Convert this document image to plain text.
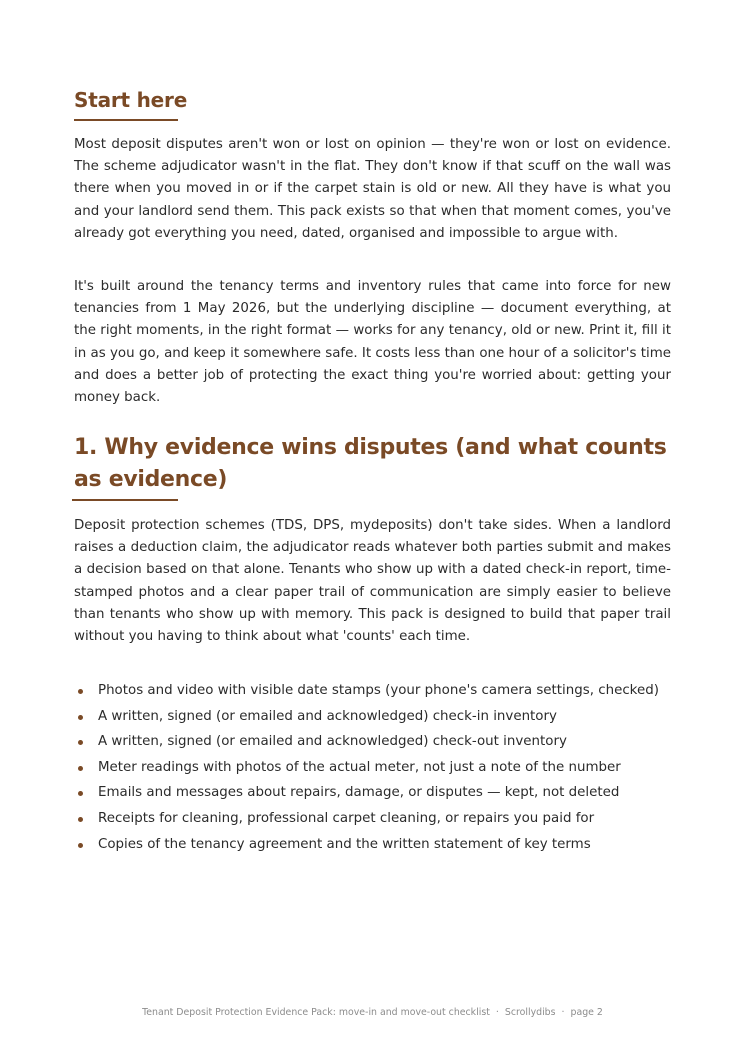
Start here

Most deposit disputes aren't won or lost on opinion — they're won or lost on evidence. The scheme adjudicator wasn't in the flat. They don't know if that scuff on the wall was there when you moved in or if the carpet stain is old or new. All they have is what you and your landlord send them. This pack exists so that when that moment comes, you've already got everything you need, dated, organised and impossible to argue with.

It's built around the tenancy terms and inventory rules that came into force for new tenancies from 1 May 2026, but the underlying discipline — document everything, at the right moments, in the right format — works for any tenancy, old or new. Print it, fill it in as you go, and keep it somewhere safe. It costs less than one hour of a solicitor's time and does a better job of protecting the exact thing you're worried about: getting your money back.

1. Why evidence wins disputes (and what counts as evidence)

Deposit protection schemes (TDS, DPS, mydeposits) don't take sides. When a landlord raises a deduction claim, the adjudicator reads whatever both parties submit and makes a decision based on that alone. Tenants who show up with a dated check-in report, time-stamped photos and a clear paper trail of communication are simply easier to believe than tenants who show up with memory. This pack is designed to build that paper trail without you having to think about what 'counts' each time.

Photos and video with visible date stamps (your phone's camera settings, checked)
A written, signed (or emailed and acknowledged) check-in inventory
A written, signed (or emailed and acknowledged) check-out inventory
Meter readings with photos of the actual meter, not just a note of the number
Emails and messages about repairs, damage, or disputes — kept, not deleted
Receipts for cleaning, professional carpet cleaning, or repairs you paid for
Copies of the tenancy agreement and the written statement of key terms
Tenant Deposit Protection Evidence Pack: move-in and move-out checklist · Scrollydibs · page 2
